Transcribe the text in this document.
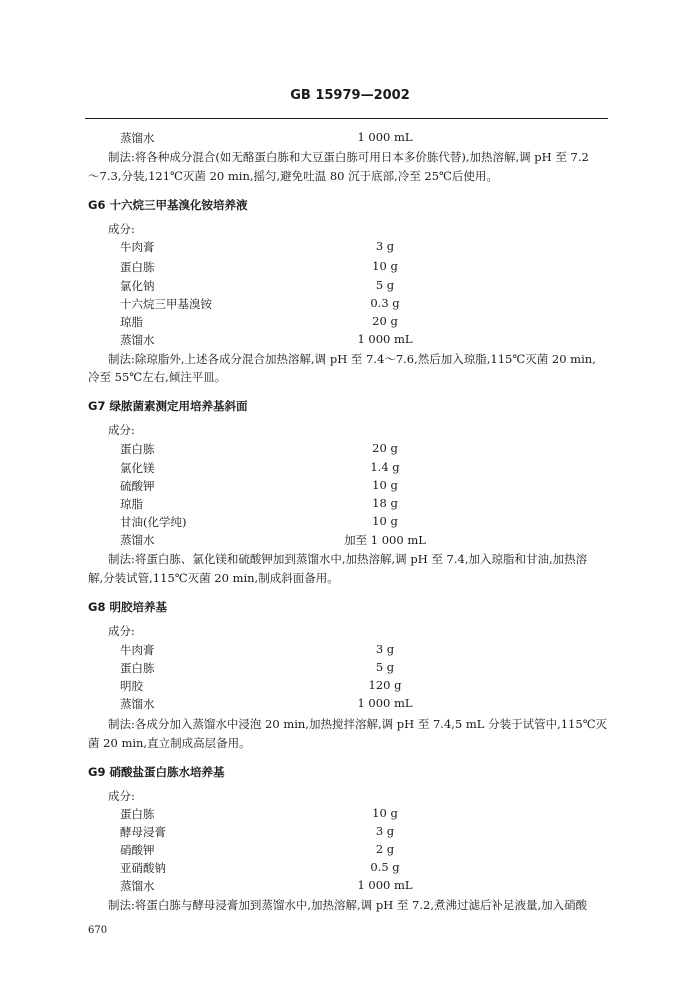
GB 15979—2002
蒸馏水	1 000 mL
制法:将各种成分混合(如无酪蛋白胨和大豆蛋白胨可用日本多价胨代替),加热溶解,调 pH 至 7.2
～7.3,分装,121℃灭菌 20 min,摇匀,避免吐温 80 沉于底部,冷至 25℃后使用。
G6 十六烷三甲基溴化铵培养液
成分:
牛肉膏	3 g
蛋白胨	10 g
氯化钠	5 g
十六烷三甲基溴铵	0.3 g
琼脂	20 g
蒸馏水	1 000 mL
制法:除琼脂外,上述各成分混合加热溶解,调 pH 至 7.4～7.6,然后加入琼脂,115℃灭菌 20 min,
冷至 55℃左右,倾注平皿。
G7 绿脓菌素测定用培养基斜面
成分:
蛋白胨	20 g
氯化镁	1.4 g
硫酸钾	10 g
琼脂	18 g
甘油(化学纯)	10 g
蒸馏水	加至 1 000 mL
制法:将蛋白胨、氯化镁和硫酸钾加到蒸馏水中,加热溶解,调 pH 至 7.4,加入琼脂和甘油,加热溶
解,分装试管,115℃灭菌 20 min,制成斜面备用。
G8 明胶培养基
成分:
牛肉膏	3 g
蛋白胨	5 g
明胶	120 g
蒸馏水	1 000 mL
制法:各成分加入蒸馏水中浸泡 20 min,加热搅拌溶解,调 pH 至 7.4,5 mL 分装于试管中,115℃灭
菌 20 min,直立制成高层备用。
G9 硝酸盐蛋白胨水培养基
成分:
蛋白胨	10 g
酵母浸膏	3 g
硝酸钾	2 g
亚硝酸钠	0.5 g
蒸馏水	1 000 mL
制法:将蛋白胨与酵母浸膏加到蒸馏水中,加热溶解,调 pH 至 7.2,煮沸过滤后补足液量,加入硝酸
670
